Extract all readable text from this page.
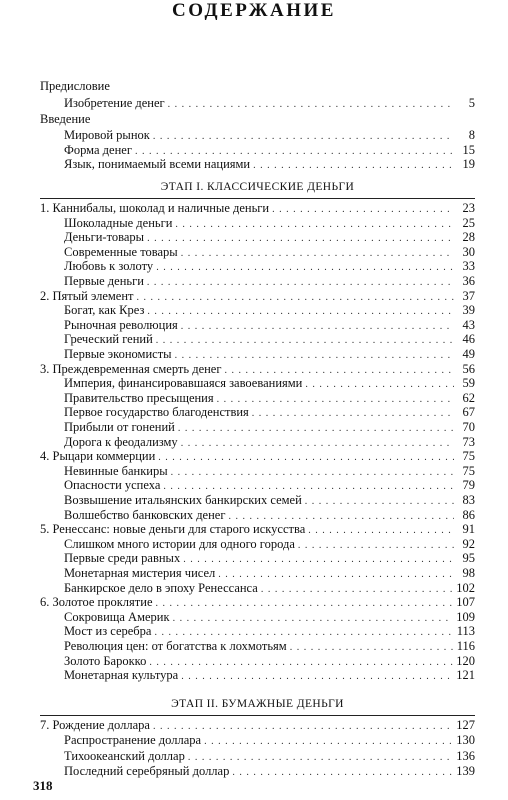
СОДЕРЖАНИЕ
Предисловие
Изобретение денег . . .	5
Введение
Мировой рынок . . .	8
Форма денег . . .	15
Язык, понимаемый всеми нациями . . .	19
ЭТАП I. КЛАССИЧЕСКИЕ ДЕНЬГИ
1. Каннибалы, шоколад и наличные деньги . . .	23
Шоколадные деньги . . .	25
Деньги-товары . . .	28
Современные товары . . .	30
Любовь к золоту . . .	33
Первые деньги . . .	36
2. Пятый элемент . . .	37
Богат, как Крез . . .	39
Рыночная революция . . .	43
Греческий гений . . .	46
Первые экономисты . . .	49
3. Преждевременная смерть денег . . .	56
Империя, финансировавшаяся завоеваниями . . .	59
Правительство пресыщения . . .	62
Первое государство благоденствия . . .	67
Прибыли от гонений . . .	70
Дорога к феодализму . . .	73
4. Рыцари коммерции . . .	75
Невинные банкиры . . .	75
Опасности успеха . . .	79
Возвышение итальянских банкирских семей . . .	83
Волшебство банковских денег . . .	86
5. Ренессанс: новые деньги для старого искусства . . .	91
Слишком много истории для одного города . . .	92
Первые среди равных . . .	95
Монетарная мистерия чисел . . .	98
Банкирское дело в эпоху Ренессанса . . .	102
6. Золотое проклятие . . .	107
Сокровища Америк . . .	109
Мост из серебра . . .	113
Революция цен: от богатства к лохмотьям . . .	116
Золото Барокко . . .	120
Монетарная культура . . .	121
ЭТАП II. БУМАЖНЫЕ ДЕНЬГИ
7. Рождение доллара . . .	127
Распространение доллара . . .	130
Тихоокеанский доллар . . .	136
Последний серебряный доллар . . .	139
318
